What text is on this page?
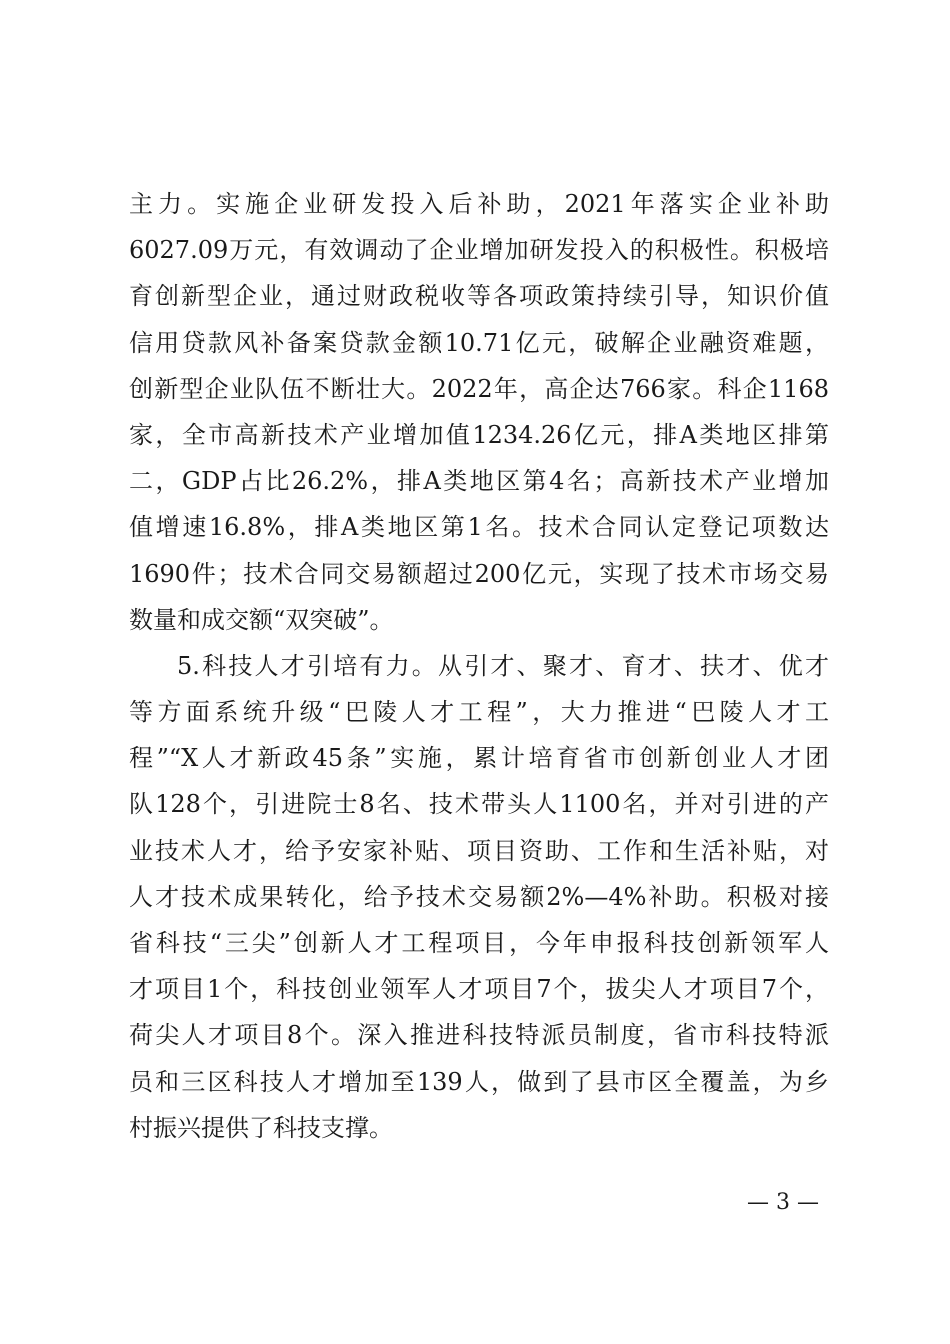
主力。实施企业研发投入后补助，2021年落实企业补助
6027.09万元，有效调动了企业增加研发投入的积极性。积极培
育创新型企业，通过财政税收等各项政策持续引导，知识价值
信用贷款风补备案贷款金额10.71亿元，破解企业融资难题，
创新型企业队伍不断壮大。2022年，高企达766家。科企1168
家，全市高新技术产业增加值1234.26亿元，排A类地区排第
二，GDP占比26.2%，排A类地区第4名；高新技术产业增加
值增速16.8%，排A类地区第1名。技术合同认定登记项数达
1690件；技术合同交易额超过200亿元，实现了技术市场交易
数量和成交额“双突破”。
5.科技人才引培有力。从引才、聚才、育才、扶才、优才
等方面系统升级“巴陵人才工程”，大力推进“巴陵人才工
程”“X人才新政45条”实施，累计培育省市创新创业人才团
队128个，引进院士8名、技术带头人1100名，并对引进的产
业技术人才，给予安家补贴、项目资助、工作和生活补贴，对
人才技术成果转化，给予技术交易额2%—4%补助。积极对接
省科技“三尖”创新人才工程项目，今年申报科技创新领军人
才项目1个，科技创业领军人才项目7个，拔尖人才项目7个，
荷尖人才项目8个。深入推进科技特派员制度，省市科技特派
员和三区科技人才增加至139人，做到了县市区全覆盖，为乡
村振兴提供了科技支撑。
— 3 —
